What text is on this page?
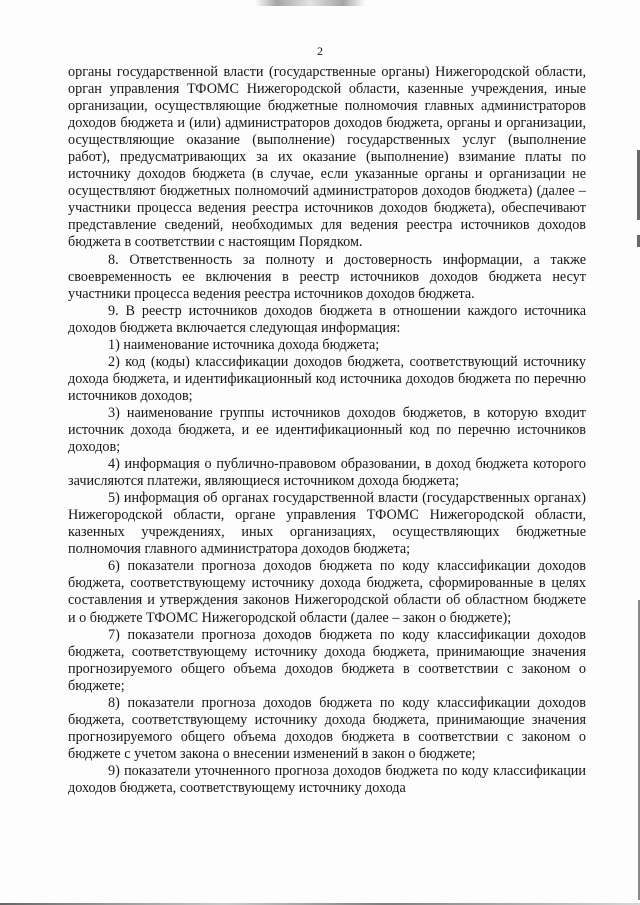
2

органы государственной власти (государственные органы) Нижегородской области, орган управления ТФОМС Нижегородской области, казенные учреждения, иные организации, осуществляющие бюджетные полномочия главных администраторов доходов бюджета и (или) администраторов доходов бюджета, органы и организации, осуществляющие оказание (выполнение) государственных услуг (выполнение работ), предусматривающих за их оказание (выполнение) взимание платы по источнику доходов бюджета (в случае, если указанные органы и организации не осуществляют бюджетных полномочий администраторов доходов бюджета) (далее – участники процесса ведения реестра источников доходов бюджета), обеспечивают представление сведений, необходимых для ведения реестра источников доходов бюджета в соответствии с настоящим Порядком.

8. Ответственность за полноту и достоверность информации, а также своевременность ее включения в реестр источников доходов бюджета несут участники процесса ведения реестра источников доходов бюджета.

9. В реестр источников доходов бюджета в отношении каждого источника доходов бюджета включается следующая информация:

1) наименование источника дохода бюджета;

2) код (коды) классификации доходов бюджета, соответствующий источнику дохода бюджета, и идентификационный код источника доходов бюджета по перечню источников доходов;

3) наименование группы источников доходов бюджетов, в которую входит источник дохода бюджета, и ее идентификационный код по перечню источников доходов;

4) информация о публично-правовом образовании, в доход бюджета которого зачисляются платежи, являющиеся источником дохода бюджета;

5) информация об органах государственной власти (государственных органах) Нижегородской области, органе управления ТФОМС Нижегородской области, казенных учреждениях, иных организациях, осуществляющих бюджетные полномочия главного администратора доходов бюджета;

6) показатели прогноза доходов бюджета по коду классификации доходов бюджета, соответствующему источнику дохода бюджета, сформированные в целях составления и утверждения законов Нижегородской области об областном бюджете и о бюджете ТФОМС Нижегородской области (далее – закон о бюджете);

7) показатели прогноза доходов бюджета по коду классификации доходов бюджета, соответствующему источнику дохода бюджета, принимающие значения прогнозируемого общего объема доходов бюджета в соответствии с законом о бюджете;

8) показатели прогноза доходов бюджета по коду классификации доходов бюджета, соответствующему источнику дохода бюджета, принимающие значения прогнозируемого общего объема доходов бюджета в соответствии с законом о бюджете с учетом закона о внесении изменений в закон о бюджете;

9) показатели уточненного прогноза доходов бюджета по коду классификации доходов бюджета, соответствующему источнику дохода
